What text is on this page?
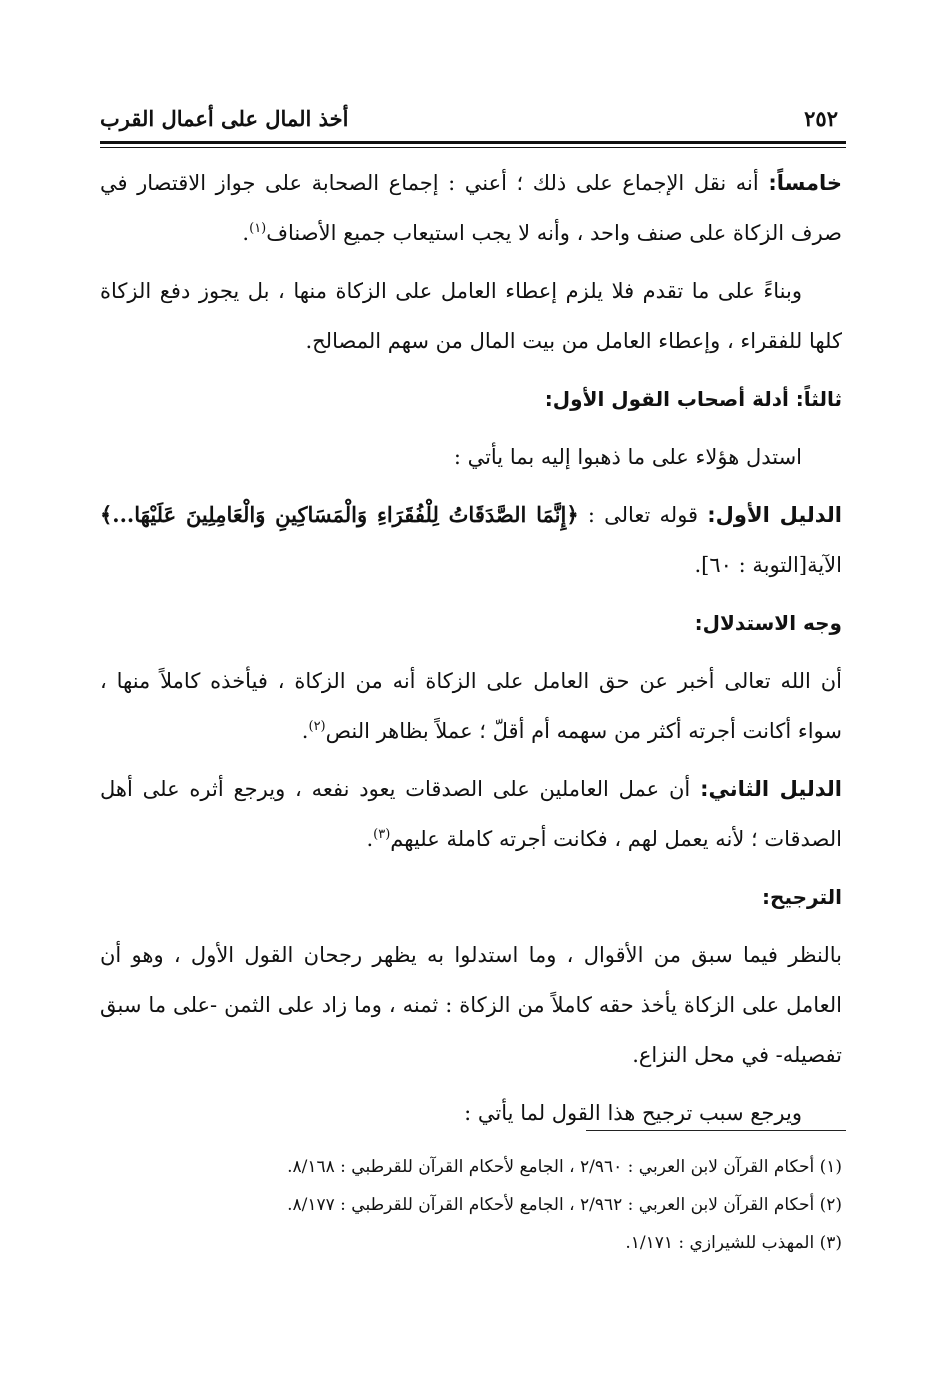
٢٥٢
أخذ المال على أعمال القرب

خامساً: أنه نقل الإجماع على ذلك ؛ أعني : إجماع الصحابة على جواز الاقتصار في صرف الزكاة على صنف واحد ، وأنه لا يجب استيعاب جميع الأصناف$^{(١)}$.

وبناءً على ما تقدم فلا يلزم إعطاء العامل على الزكاة منها ، بل يجوز دفع الزكاة كلها للفقراء ، وإعطاء العامل من بيت المال من سهم المصالح.

ثالثاً: أدلة أصحاب القول الأول:

استدل هؤلاء على ما ذهبوا إليه بما يأتي :

الدليل الأول: قوله تعالى : ﴿إِنَّمَا الصَّدَقَاتُ لِلْفُقَرَاءِ وَالْمَسَاكِينِ وَالْعَامِلِينَ عَلَيْهَا...﴾الآية[التوبة : ٦٠].

وجه الاستدلال:

أن الله تعالى أخبر عن حق العامل على الزكاة أنه من الزكاة ، فيأخذه كاملاً منها ، سواء أكانت أجرته أكثر من سهمه أم أقلّ ؛ عملاً بظاهر النص$^{(٢)}$.

الدليل الثاني: أن عمل العاملين على الصدقات يعود نفعه ، ويرجع أثره على أهل الصدقات ؛ لأنه يعمل لهم ، فكانت أجرته كاملة عليهم$^{(٣)}$.

الترجيح:

بالنظر فيما سبق من الأقوال ، وما استدلوا به يظهر رجحان القول الأول ، وهو أن العامل على الزكاة يأخذ حقه كاملاً من الزكاة : ثمنه ، وما زاد على الثمن -على ما سبق تفصيله- في محل النزاع.

ويرجع سبب ترجيح هذا القول لما يأتي :

(١) أحكام القرآن لابن العربي : ٢/٩٦٠ ، الجامع لأحكام القرآن للقرطبي : ٨/١٦٨.
(٢) أحكام القرآن لابن العربي : ٢/٩٦٢ ، الجامع لأحكام القرآن للقرطبي : ٨/١٧٧.
(٣) المهذب للشيرازي : ١/١٧١.
